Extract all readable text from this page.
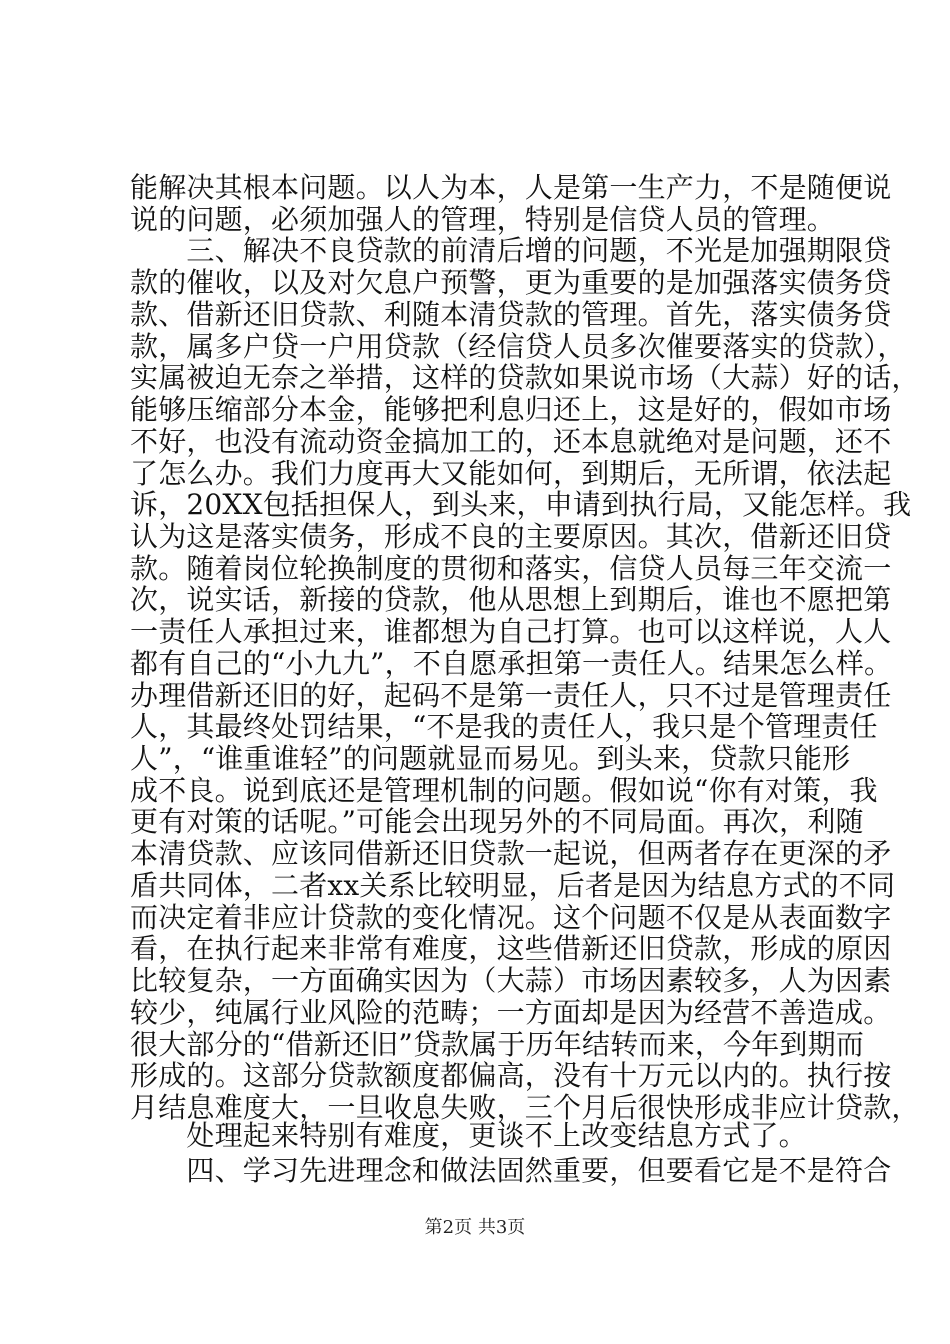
能解决其根本问题。以人为本，人是第一生产力，不是随便说

说的问题，必须加强人的管理，特别是信贷人员的管理。

　　三、解决不良贷款的前清后增的问题，不光是加强期限贷

款的催收，以及对欠息户预警，更为重要的是加强落实债务贷

款、借新还旧贷款、利随本清贷款的管理。首先，落实债务贷

款，属多户贷一户用贷款（经信贷人员多次催要落实的贷款），

实属被迫无奈之举措，这样的贷款如果说市场（大蒜）好的话，

能够压缩部分本金，能够把利息归还上，这是好的，假如市场

不好，也没有流动资金搞加工的，还本息就绝对是问题，还不

了怎么办。我们力度再大又能如何，到期后，无所谓，依法起

诉，20XX包括担保人，到头来，申请到执行局，又能怎样。我

认为这是落实债务，形成不良的主要原因。其次，借新还旧贷

款。随着岗位轮换制度的贯彻和落实，信贷人员每三年交流一

次，说实话，新接的贷款，他从思想上到期后，谁也不愿把第

一责任人承担过来，谁都想为自己打算。也可以这样说，人人

都有自己的“小九九”，不自愿承担第一责任人。结果怎么样。

办理借新还旧的好，起码不是第一责任人，只不过是管理责任

人，其最终处罚结果，“不是我的责任人，我只是个管理责任

人”，“谁重谁轻”的问题就显而易见。到头来，贷款只能形

成不良。说到底还是管理机制的问题。假如说“你有对策，我

更有对策的话呢。”可能会出现另外的不同局面。再次，利随

本清贷款、应该同借新还旧贷款一起说，但两者存在更深的矛

盾共同体，二者xx关系比较明显，后者是因为结息方式的不同

而决定着非应计贷款的变化情况。这个问题不仅是从表面数字

看，在执行起来非常有难度，这些借新还旧贷款，形成的原因

比较复杂，一方面确实因为（大蒜）市场因素较多，人为因素

较少，纯属行业风险的范畴；一方面却是因为经营不善造成。

很大部分的“借新还旧”贷款属于历年结转而来，今年到期而

形成的。这部分贷款额度都偏高，没有十万元以内的。执行按

月结息难度大，一旦收息失败，三个月后很快形成非应计贷款，

第2页 共3页

　　处理起来特别有难度，更谈不上改变结息方式了。

　　四、学习先进理念和做法固然重要，但要看它是不是符合
